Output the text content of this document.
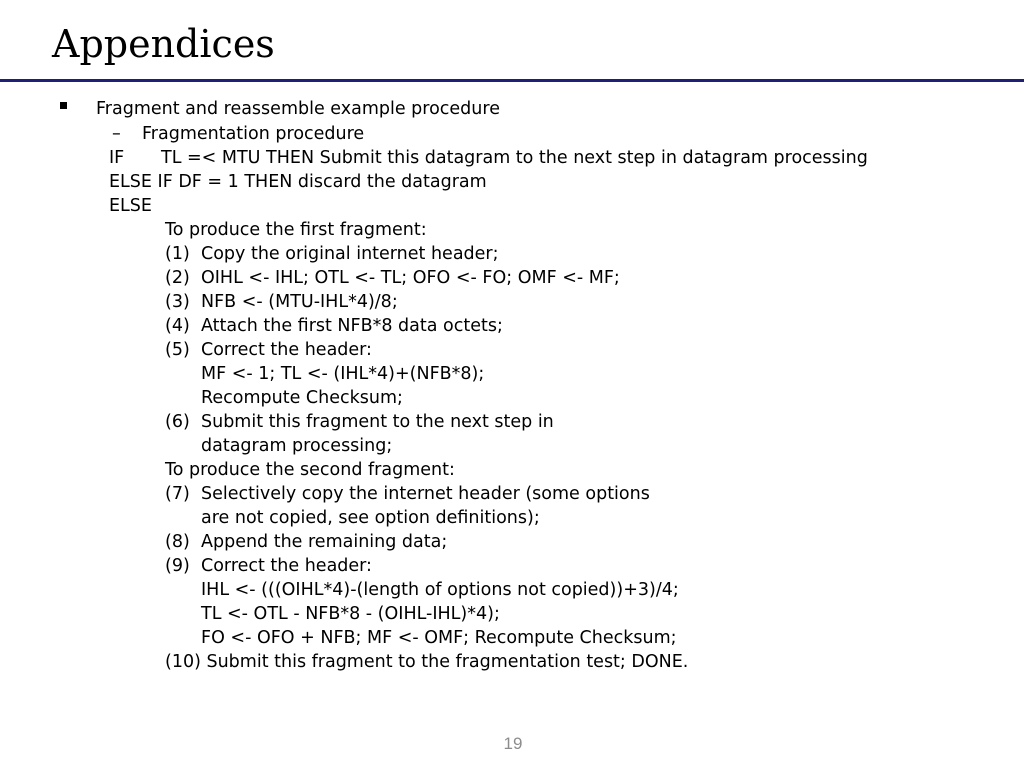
Appendices
Fragment and reassemble example procedure
– Fragmentation procedure
IF TL =< MTU THEN Submit this datagram to the next step in datagram processing
ELSE IF DF = 1 THEN discard the datagram
ELSE
To produce the first fragment:
(1) Copy the original internet header;
(2) OIHL <- IHL; OTL <- TL; OFO <- FO; OMF <- MF;
(3) NFB <- (MTU-IHL*4)/8;
(4) Attach the first NFB*8 data octets;
(5) Correct the header:
MF <- 1; TL <- (IHL*4)+(NFB*8);
Recompute Checksum;
(6) Submit this fragment to the next step in
datagram processing;
To produce the second fragment:
(7) Selectively copy the internet header (some options
are not copied, see option definitions);
(8) Append the remaining data;
(9) Correct the header:
IHL <- (((OIHL*4)-(length of options not copied))+3)/4;
TL <- OTL - NFB*8 - (OIHL-IHL)*4);
FO <- OFO + NFB; MF <- OMF; Recompute Checksum;
(10) Submit this fragment to the fragmentation test; DONE.
19
